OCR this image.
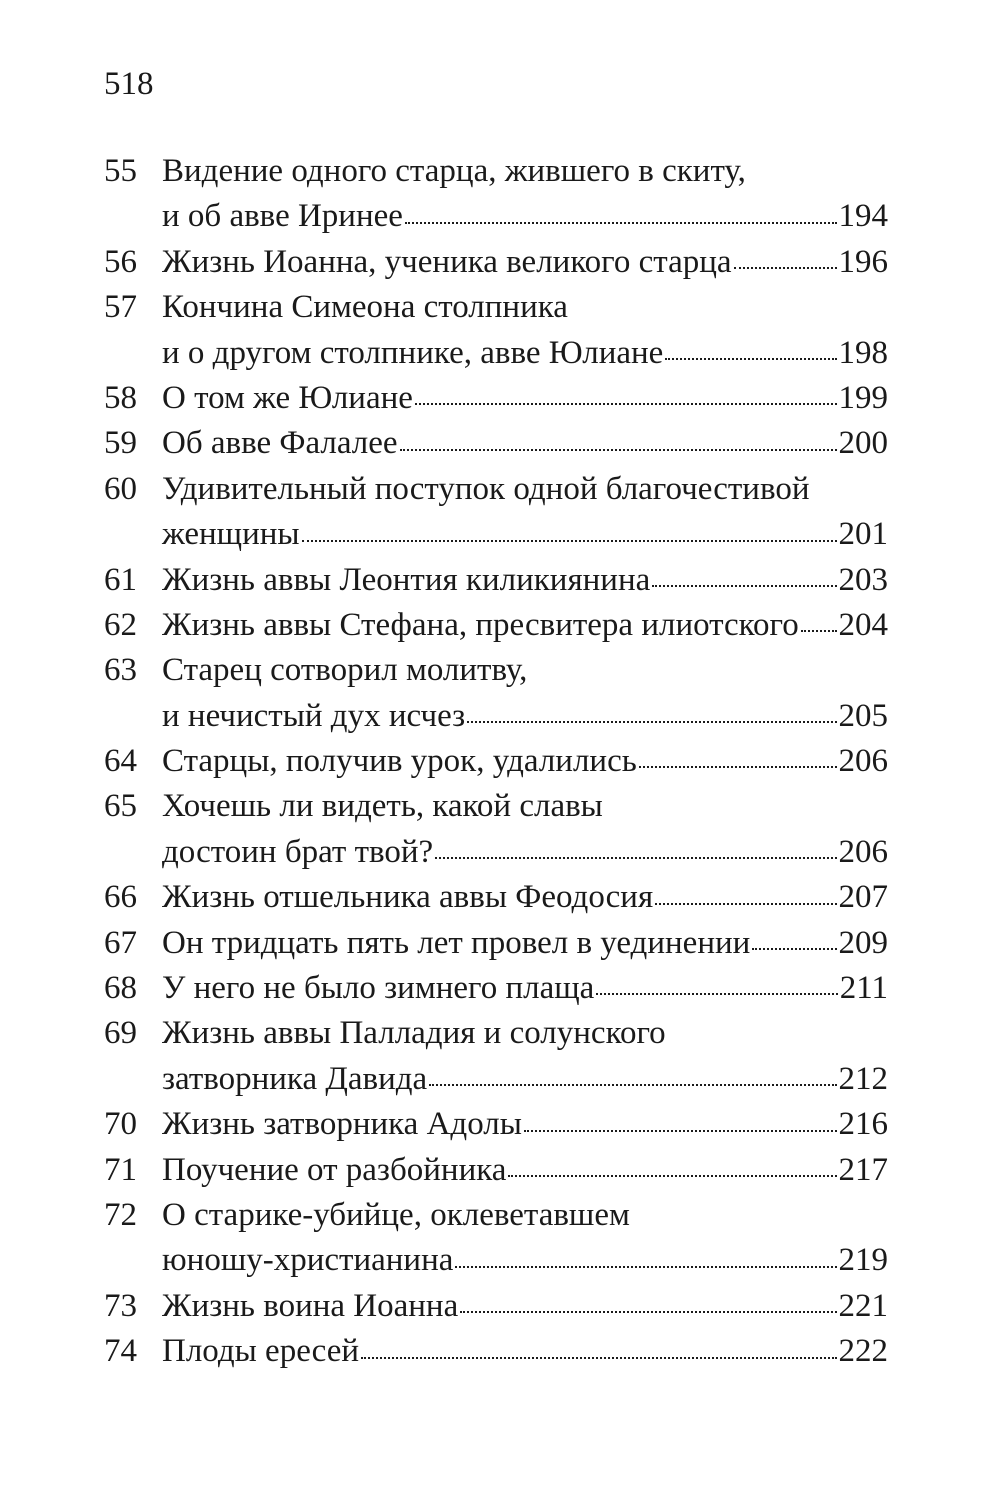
518
55 Видение одного старца, жившего в скиту,
и об авве Иринее	194
56 Жизнь Иоанна, ученика великого старца	196
57 Кончина Симеона столпника
и о другом столпнике, авве Юлиане	198
58 О том же Юлиане	199
59 Об авве Фалалее	200
60 Удивительный поступок одной благочестивой
женщины	201
61 Жизнь аввы Леонтия киликиянина	203
62 Жизнь аввы Стефана, пресвитера илиотского 204
63 Старец сотворил молитву,
и нечистый дух исчез	205
64 Старцы, получив урок, удалились	206
65 Хочешь ли видеть, какой славы
достоин брат твой?	206
66 Жизнь отшельника аввы Феодосия	207
67 Он тридцать пять лет провел в уединении	209
68 У него не было зимнего плаща	211
69 Жизнь аввы Палладия и солунского
затворника Давида	212
70 Жизнь затворника Адолы	216
71 Поучение от разбойника	217
72 О старике-убийце, оклеветавшем
юношу-христианина	219
73 Жизнь воина Иоанна	221
74 Плоды ересей	222
